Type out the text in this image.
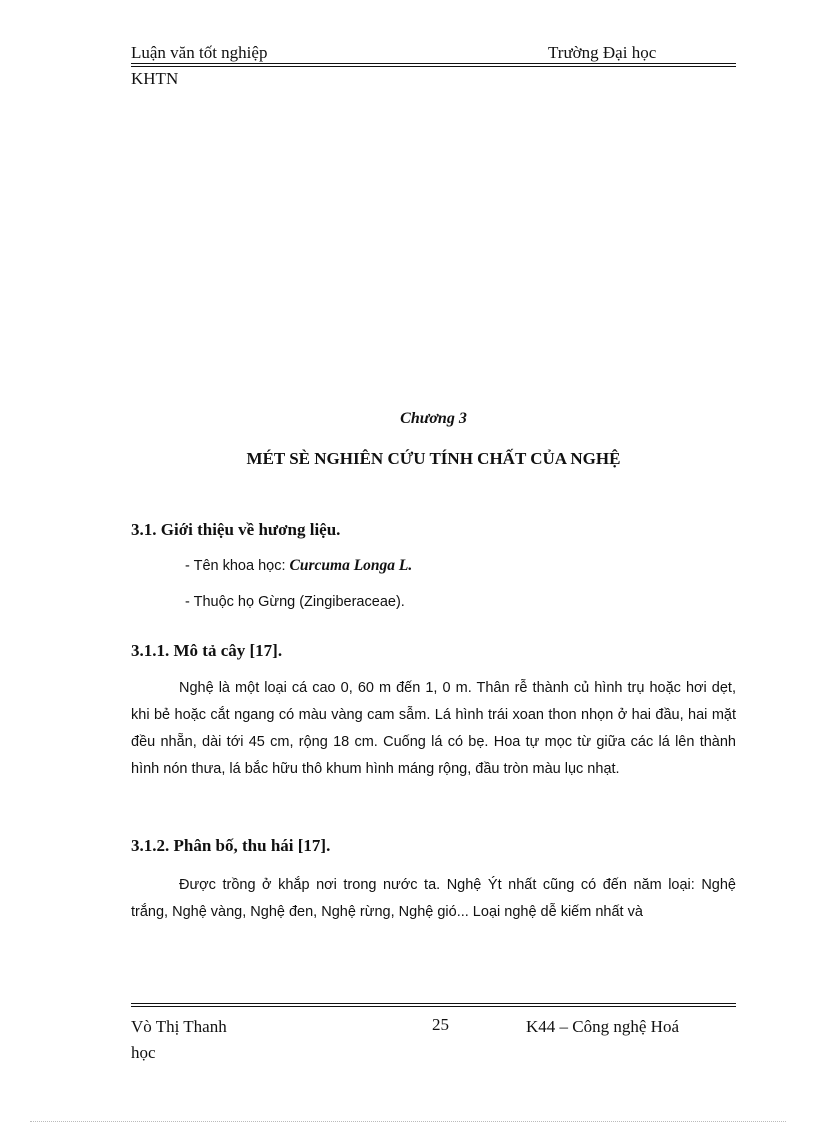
Luận văn tốt nghiệp	Trường Đại học
KHTN
Chương 3
MÉT SÈ NGHIÊN CỨU TÍNH CHẤT CỦA NGHỆ
3.1. Giới thiệu về hương liệu.
- Tên khoa học: Curcuma Longa L.
- Thuộc họ Gừng (Zingiberaceae).
3.1.1. Mô tả cây [17].
Nghệ là một loại cá cao 0, 60 m đến 1, 0 m. Thân rễ thành củ hình trụ hoặc hơi dẹt, khi bẻ hoặc cắt ngang có màu vàng cam sẫm. Lá hình trái xoan thon nhọn ở hai đầu, hai mặt đều nhẵn, dài tới 45 cm, rộng 18 cm. Cuống lá có bẹ. Hoa tự mọc từ giữa các lá lên thành hình nón thưa, lá bắc hữu thô khum hình máng rộng, đầu tròn màu lục nhạt.
3.1.2. Phân bố, thu hái [17].
Được trồng ở khắp nơi trong nước ta. Nghệ Ýt nhất cũng có đến năm loại: Nghệ trắng, Nghệ vàng, Nghệ đen, Nghệ rừng, Nghệ gió... Loại nghệ dễ kiếm nhất và
Vò Thị Thanh	25	K44 – Công nghệ Hoá
học
